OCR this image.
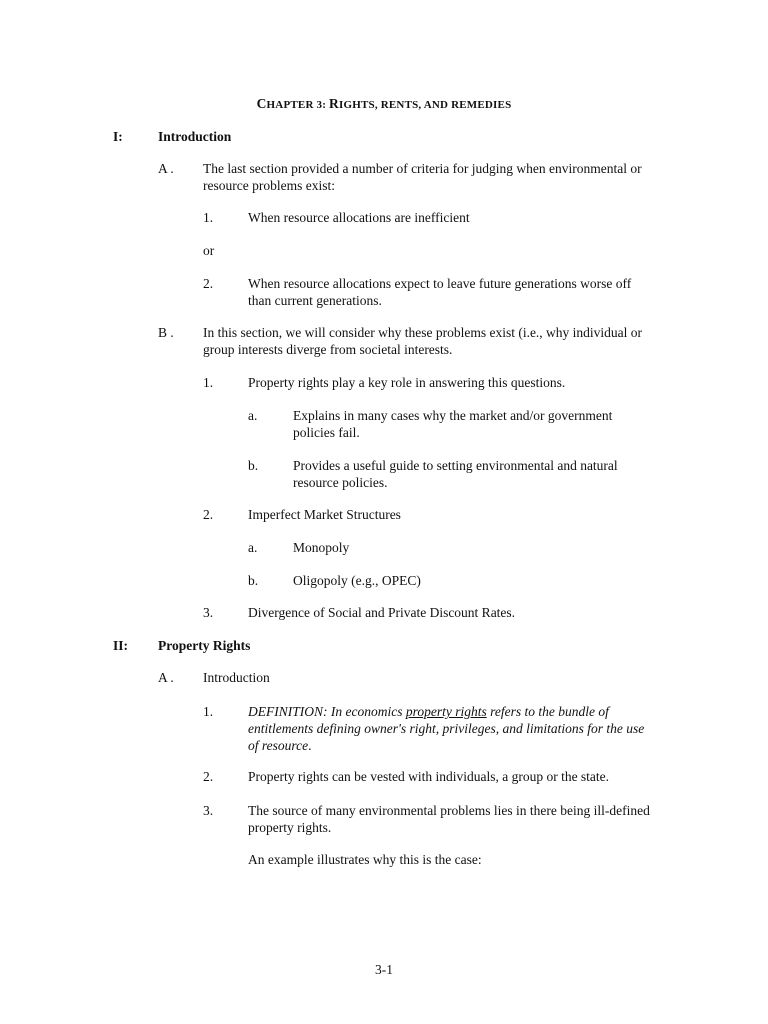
CHAPTER 3: RIGHTS, RENTS, AND REMEDIES
I:	Introduction
A . The last section provided a number of criteria for judging when environmental or resource problems exist:
1.	When resource allocations are inefficient
or
2.	When resource allocations expect to leave future generations worse off than current generations.
B . In this section, we will consider why these problems exist (i.e., why individual or group interests diverge from societal interests.
1.	Property rights play a key role in answering this questions.
a.	Explains in many cases why the market and/or government policies fail.
b.	Provides a useful guide to setting environmental and natural resource policies.
2.	Imperfect Market Structures
a.	Monopoly
b.	Oligopoly (e.g., OPEC)
3.	Divergence of Social and Private Discount Rates.
II: Property Rights
A . Introduction
1.	DEFINITION: In economics property rights refers to the bundle of entitlements defining owner's right, privileges, and limitations for the use of resource.
2.	Property rights can be vested with individuals, a group or the state.
3.	The source of many environmental problems lies in there being ill-defined property rights.
An example illustrates why this is the case:
3-1
